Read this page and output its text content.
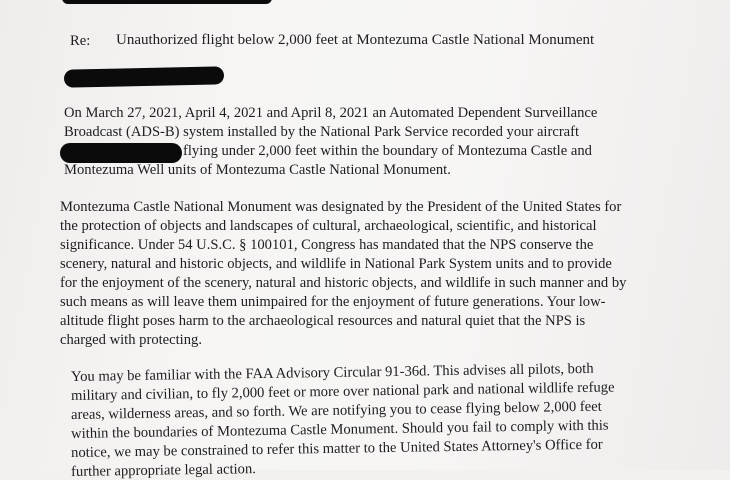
Re: Unauthorized flight below 2,000 feet at Montezuma Castle National Monument
On March 27, 2021, April 4, 2021 and April 8, 2021 an Automated Dependent Surveillance
Broadcast (ADS-B) system installed by the National Park Service recorded your aircraft
flying under 2,000 feet within the boundary of Montezuma Castle and
Montezuma Well units of Montezuma Castle National Monument.
Montezuma Castle National Monument was designated by the President of the United States for
the protection of objects and landscapes of cultural, archaeological, scientific, and historical
significance. Under 54 U.S.C. § 100101, Congress has mandated that the NPS conserve the
scenery, natural and historic objects, and wildlife in National Park System units and to provide
for the enjoyment of the scenery, natural and historic objects, and wildlife in such manner and by
such means as will leave them unimpaired for the enjoyment of future generations. Your low-
altitude flight poses harm to the archaeological resources and natural quiet that the NPS is
charged with protecting.
You may be familiar with the FAA Advisory Circular 91-36d. This advises all pilots, both
military and civilian, to fly 2,000 feet or more over national park and national wildlife refuge
areas, wilderness areas, and so forth. We are notifying you to cease flying below 2,000 feet
within the boundaries of Montezuma Castle Monument. Should you fail to comply with this
notice, we may be constrained to refer this matter to the United States Attorney's Office for
further appropriate legal action.
